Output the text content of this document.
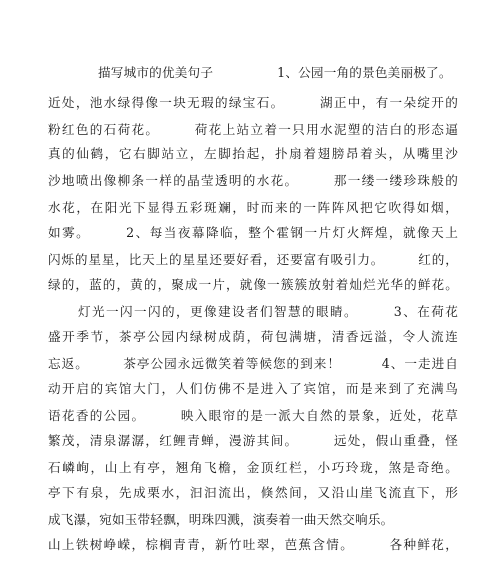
描写城市的优美句子　　　　　1、公园一角的景色美丽极了。
近处，池水绿得像一块无瑕的绿宝石。　　　湖正中，有一朵绽开的
粉红色的石荷花。　　　荷花上站立着一只用水泥塑的洁白的形态逼
真的仙鹤，它右脚站立，左脚抬起，扑扇着翅膀昂着头，从嘴里沙
沙地喷出像柳条一样的晶莹透明的水花。　　　那一缕一缕珍珠般的
水花，在阳光下显得五彩斑斓，时而来的一阵阵风把它吹得如烟，
如雾。　　　2、每当夜幕降临，整个霍钢一片灯火辉煌，就像天上
闪烁的星星，比天上的星星还要好看，还要富有吸引力。　　　红的，
绿的，蓝的，黄的，聚成一片，就像一簇簇放射着灿烂光华的鲜花。
灯光一闪一闪的，更像建设者们智慧的眼睛。　　　3、在荷花
盛开季节，茶亭公园内绿树成荫，荷包满塘，清香远溢，令人流连
忘返。　　　茶亭公园永远微笑着等候您的到来！　　　4、一走进自
动开启的宾馆大门，人们仿佛不是进入了宾馆，而是来到了充满鸟
语花香的公园。　　　映入眼帘的是一派大自然的景象，近处，花草
繁茂，清泉潺潺，红鲤青蝉，漫游其间。　　　远处，假山重叠，怪
石嶙峋，山上有亭，翘角飞檐，金顶红栏，小巧玲珑，煞是奇绝。
亭下有泉，先成栗水，汩汩流出，倏然间，又沿山崖飞流直下，形
成飞瀑，宛如玉带轻飘，明珠四溅，演奏着一曲天然交响乐。
山上铁树峥嵘，棕榈青青，新竹吐翠，芭蕉含情。　　　各种鲜花，
